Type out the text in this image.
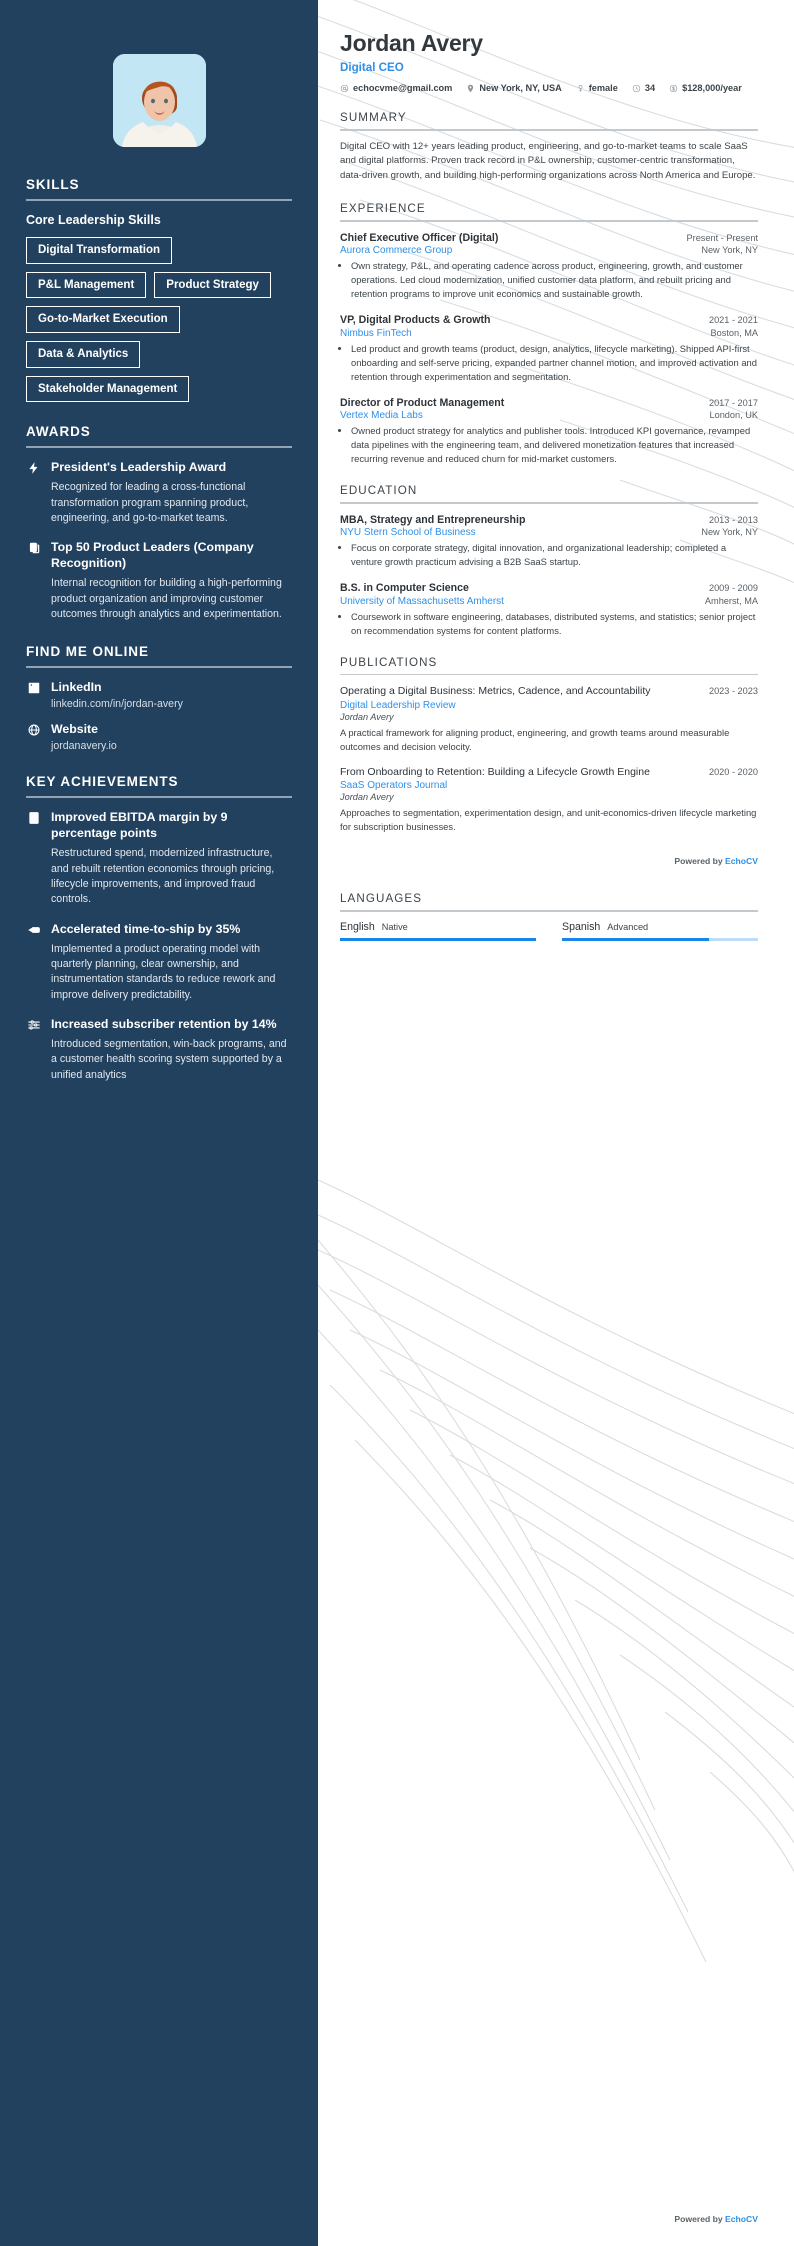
SKILLS
Core Leadership Skills
Digital Transformation
P&L Management	Product Strategy
Go-to-Market Execution
Data & Analytics
Stakeholder Management
AWARDS
President's Leadership Award
Recognized for leading a cross-functional transformation program spanning product, engineering, and go-to-market teams.
Top 50 Product Leaders (Company Recognition)
Internal recognition for building a high-performing product organization and improving customer outcomes through analytics and experimentation.
FIND ME ONLINE
LinkedIn
linkedin.com/in/jordan-avery
Website
jordanavery.io
KEY ACHIEVEMENTS
Improved EBITDA margin by 9 percentage points
Restructured spend, modernized infrastructure, and rebuilt retention economics through pricing, lifecycle improvements, and improved fraud controls.
Accelerated time-to-ship by 35%
Implemented a product operating model with quarterly planning, clear ownership, and instrumentation standards to reduce rework and improve delivery predictability.
Increased subscriber retention by 14%
Introduced segmentation, win-back programs, and a customer health scoring system supported by a unified analytics
Jordan Avery
Digital CEO
echocvme@gmail.com	New York, NY, USA	female	34	$128,000/year
SUMMARY

Digital CEO with 12+ years leading product, engineering, and go-to-market teams to scale SaaS and digital platforms. Proven track record in P&L ownership, customer-centric transformation, data-driven growth, and building high-performing organizations across North America and Europe.

EXPERIENCE
Chief Executive Officer (Digital)	Present - Present
Aurora Commerce Group	New York, NY
• Own strategy, P&L, and operating cadence across product, engineering, growth, and customer operations. Led cloud modernization, unified customer data platform, and rebuilt pricing and retention programs to improve unit economics and sustainable growth.
VP, Digital Products & Growth	2021 - 2021
Nimbus FinTech	Boston, MA
• Led product and growth teams (product, design, analytics, lifecycle marketing). Shipped API-first onboarding and self-serve pricing, expanded partner channel motion, and improved activation and retention through experimentation and segmentation.
Director of Product Management	2017 - 2017
Vertex Media Labs	London, UK
• Owned product strategy for analytics and publisher tools. Introduced KPI governance, revamped data pipelines with the engineering team, and delivered monetization features that increased recurring revenue and reduced churn for mid-market customers.
EDUCATION
MBA, Strategy and Entrepreneurship	2013 - 2013
NYU Stern School of Business	New York, NY
• Focus on corporate strategy, digital innovation, and organizational leadership; completed a venture growth practicum advising a B2B SaaS startup.
B.S. in Computer Science	2009 - 2009
University of Massachusetts Amherst	Amherst, MA
• Coursework in software engineering, databases, distributed systems, and statistics; senior project on recommendation systems for content platforms.
PUBLICATIONS
Operating a Digital Business: Metrics, Cadence, and Accountability	2023 - 2023
Digital Leadership Review
Jordan Avery
A practical framework for aligning product, engineering, and growth teams around measurable outcomes and decision velocity.
From Onboarding to Retention: Building a Lifecycle Growth Engine	2020 - 2020
SaaS Operators Journal
Jordan Avery
Approaches to segmentation, experimentation design, and unit-economics-driven lifecycle marketing for subscription businesses.
Powered by EchoCV
LANGUAGES
English Native	Spanish Advanced
Powered by EchoCV
